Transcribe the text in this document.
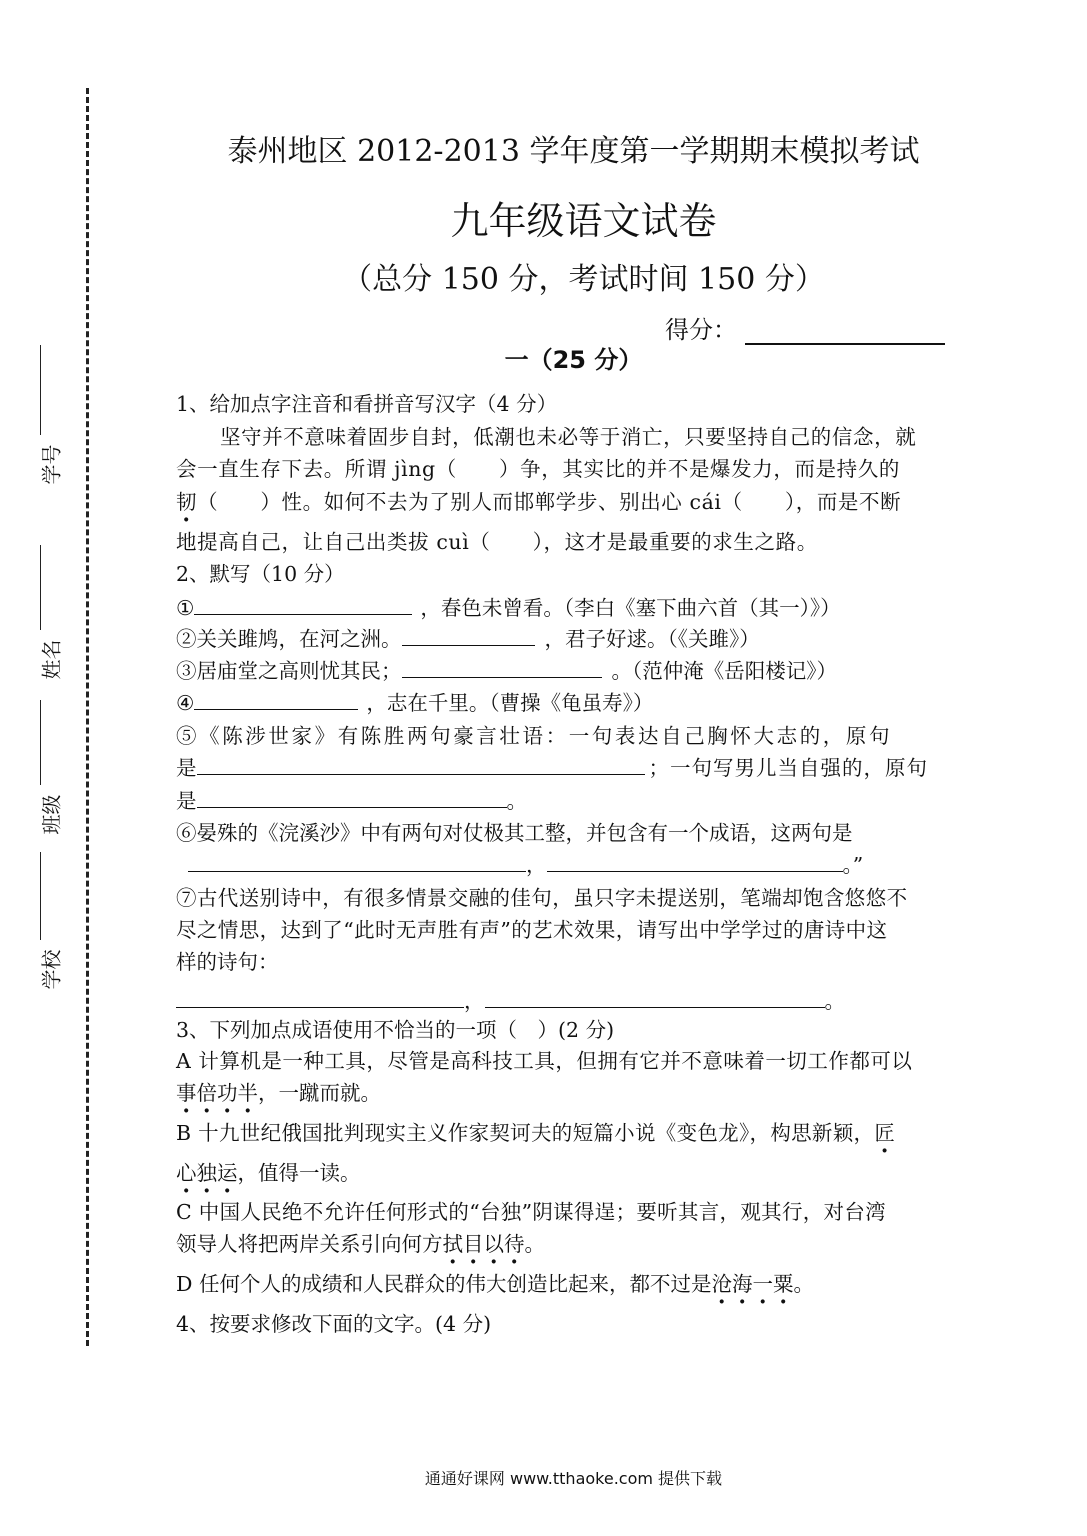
学号
姓名
班级
学校
泰州地区 2012-2013 学年度第一学期期末模拟考试
九年级语文试卷
（总分 150 分，考试时间 150 分）
得分：
一（25 分）
1、给加点字注音和看拼音写汉字（4 分）
坚守并不意味着固步自封，低潮也未必等于消亡，只要坚持自己的信念，就
会一直生存下去。所谓 jìng（　　）争，其实比的并不是爆发力，而是持久的
韧（　　）性。如何不去为了别人而邯郸学步、别出心 cái（　　），而是不断
地提高自己，让自己出类拔 cuì（　　），这才是最重要的求生之路。
2、默写（10 分）
①	，春色未曾看。（李白《塞下曲六首（其一）》）
②关关雎鸠，在河之洲。	，君子好逑。（《关雎》）
③居庙堂之高则忧其民；	。（范仲淹《岳阳楼记》）
④	，志在千里。（曹操《龟虽寿》）
⑤《陈涉世家》有陈胜两句豪言壮语：一句表达自己胸怀大志的，原句
是	；一句写男儿当自强的，原句
是	。
⑥晏殊的《浣溪沙》中有两句对仗极其工整，并包含有一个成语，这两句是
，	。”
⑦古代送别诗中，有很多情景交融的佳句，虽只字未提送别，笔端却饱含悠悠不
尽之情思，达到了“此时无声胜有声”的艺术效果，请写出中学学过的唐诗中这
样的诗句：
，	。
3、下列加点成语使用不恰当的一项（　）(2 分)
A 计算机是一种工具，尽管是高科技工具，但拥有它并不意味着一切工作都可以
事倍功半，一蹴而就。
B 十九世纪俄国批判现实主义作家契诃夫的短篇小说《变色龙》，构思新颖，匠
心独运，值得一读。
C 中国人民绝不允许任何形式的“台独”阴谋得逞；要听其言，观其行，对台湾
领导人将把两岸关系引向何方拭目以待。
D 任何个人的成绩和人民群众的伟大创造比起来，都不过是沧海一粟。
4、按要求修改下面的文字。(4 分)
通通好课网 www.tthaoke.com 提供下载
